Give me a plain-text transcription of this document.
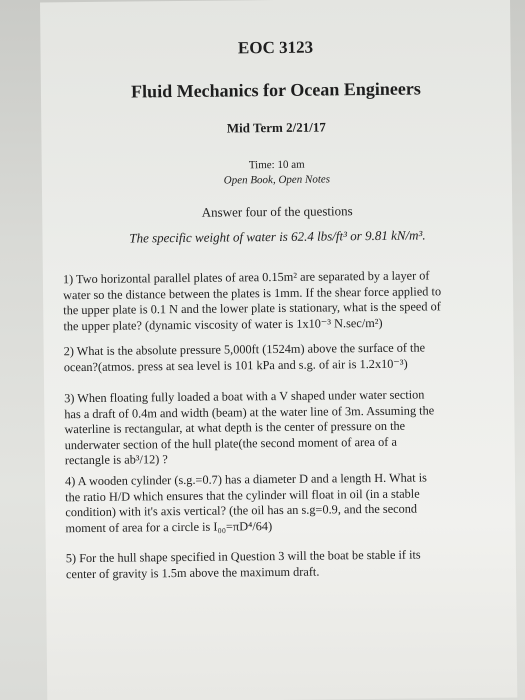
EOC 3123
Fluid Mechanics for Ocean Engineers
Mid Term 2/21/17
Time: 10 am
Open Book, Open Notes
Answer four of the questions
The specific weight of water is 62.4 lbs/ft³ or 9.81 kN/m³.

1) Two horizontal parallel plates of area 0.15m² are separated by a layer of
water so the distance between the plates is 1mm. If the shear force applied to
the upper plate is 0.1 N and the lower plate is stationary, what is the speed of
the upper plate? (dynamic viscosity of water is 1x10⁻³ N.sec/m²)

2) What is the absolute pressure 5,000ft (1524m) above the surface of the
ocean?(atmos. press at sea level is 101 kPa and s.g. of air is 1.2x10⁻³)

3) When floating fully loaded a boat with a V shaped under water section
has a draft of 0.4m and width (beam) at the water line of 3m. Assuming the
waterline is rectangular, at what depth is the center of pressure on the
underwater section of the hull plate(the second moment of area of a
rectangle is ab³/12) ?

4) A wooden cylinder (s.g.=0.7) has a diameter D and a length H. What is
the ratio H/D which ensures that the cylinder will float in oil (in a stable
condition) with it's axis vertical? (the oil has an s.g=0.9, and the second
moment of area for a circle is I₀₀=πD⁴/64)

5) For the hull shape specified in Question 3 will the boat be stable if its
center of gravity is 1.5m above the maximum draft.
